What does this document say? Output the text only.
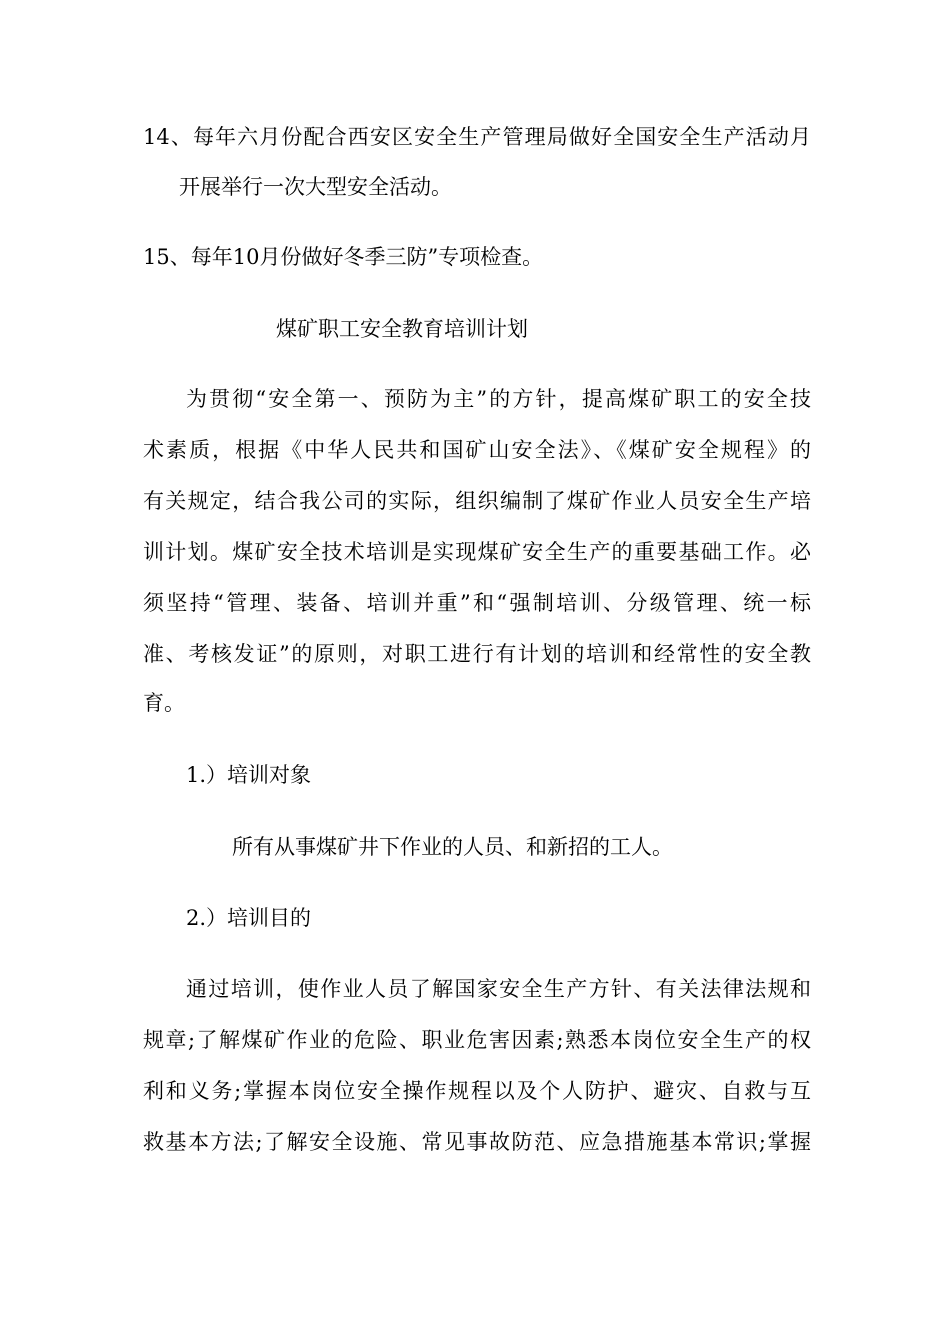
14、每年六月份配合西安区安全生产管理局做好全国安全生产活动月
开展举行一次大型安全活动。
15、每年10月份做好冬季三防”专项检查。
煤矿职工安全教育培训计划
为贯彻“安全第一、预防为主”的方针，提高煤矿职工的安全技
术素质，根据《中华人民共和国矿山安全法》、《煤矿安全规程》的
有关规定，结合我公司的实际，组织编制了煤矿作业人员安全生产培
训计划。煤矿安全技术培训是实现煤矿安全生产的重要基础工作。必
须坚持“管理、装备、培训并重”和“强制培训、分级管理、统一标
准、考核发证”的原则，对职工进行有计划的培训和经常性的安全教
育。
1.）培训对象
所有从事煤矿井下作业的人员、和新招的工人。
2.）培训目的
通过培训，使作业人员了解国家安全生产方针、有关法律法规和
规章;了解煤矿作业的危险、职业危害因素;熟悉本岗位安全生产的权
利和义务;掌握本岗位安全操作规程以及个人防护、避灾、自救与互
救基本方法;了解安全设施、常见事故防范、应急措施基本常识;掌握
